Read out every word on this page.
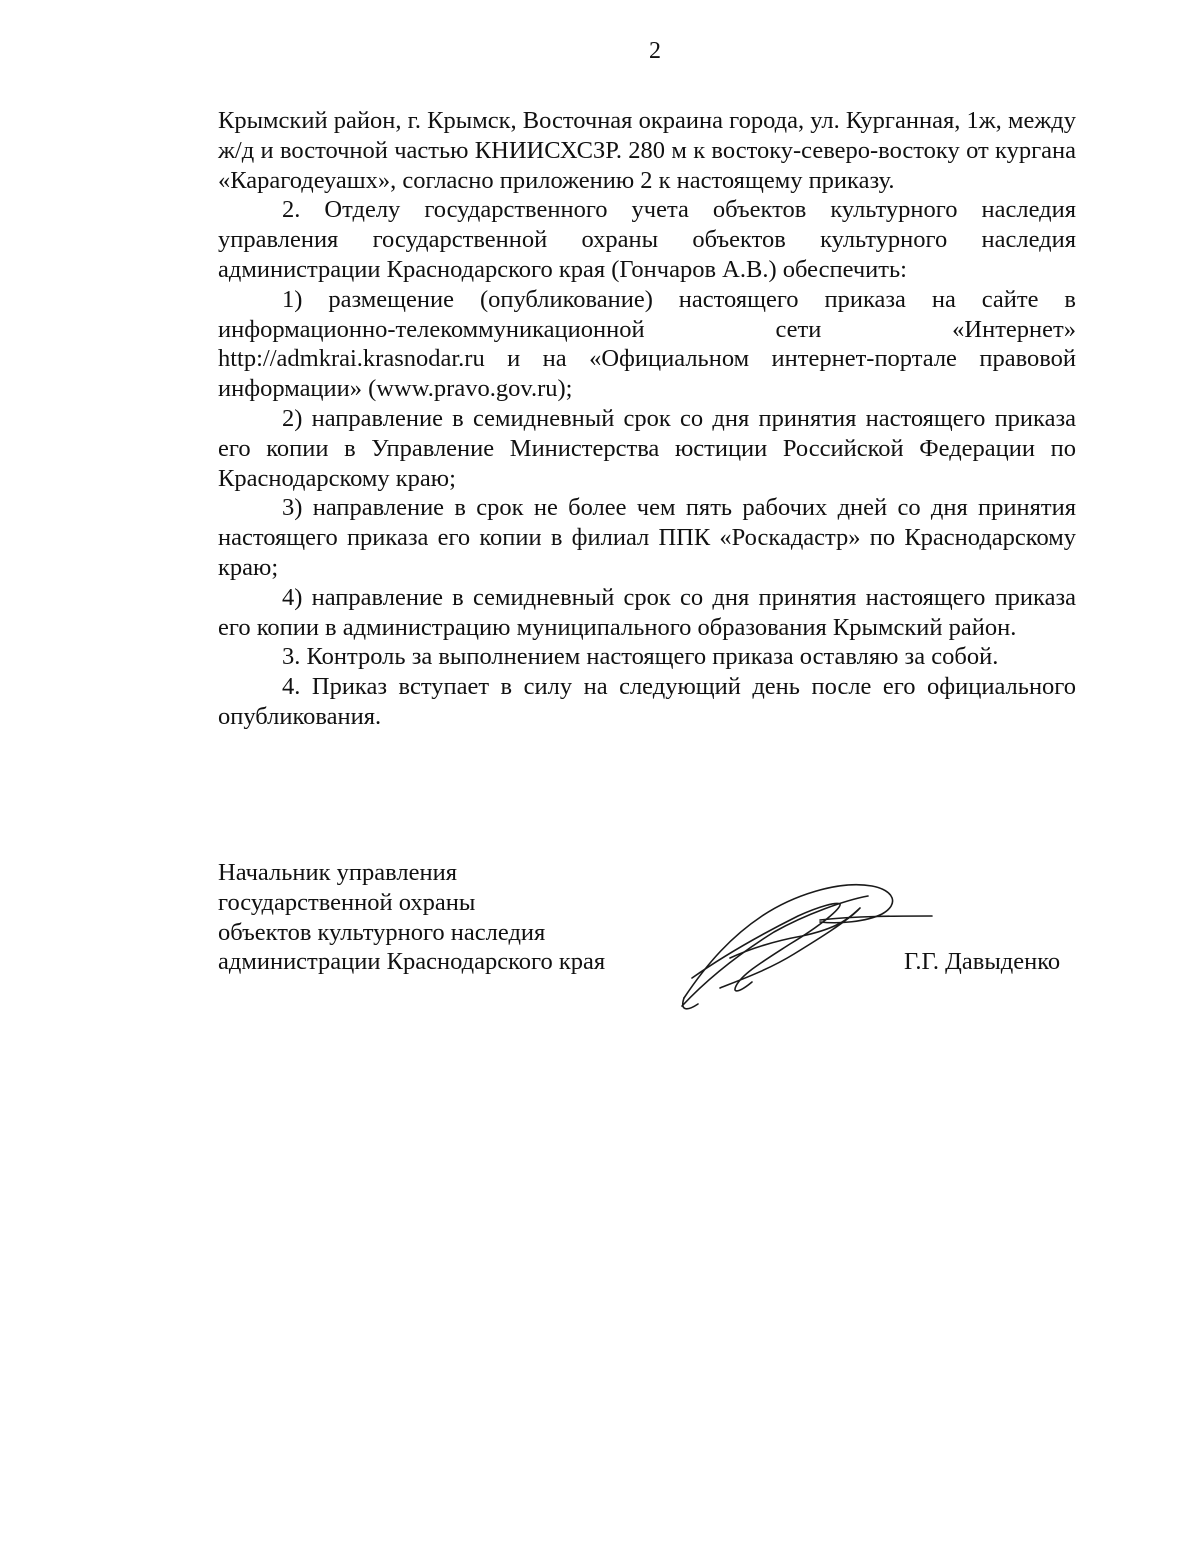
2

Крымский район, г. Крымск, Восточная окраина города, ул. Курганная, 1ж, между ж/д и восточной частью КНИИСХСЗР. 280 м к востоку-северо-востоку от кургана «Карагодеуашх», согласно приложению 2 к настоящему приказу.

2. Отделу государственного учета объектов культурного наследия управления государственной охраны объектов культурного наследия администрации Краснодарского края (Гончаров А.В.) обеспечить:

1) размещение (опубликование) настоящего приказа на сайте в информационно-телекоммуникационной сети «Интернет» http://admkrai.krasnodar.ru и на «Официальном интернет-портале правовой информации» (www.pravo.gov.ru);

2) направление в семидневный срок со дня принятия настоящего приказа его копии в Управление Министерства юстиции Российской Федерации по Краснодарскому краю;

3) направление в срок не более чем пять рабочих дней со дня принятия настоящего приказа его копии в филиал ППК «Роскадастр» по Краснодарскому краю;

4) направление в семидневный срок со дня принятия настоящего приказа его копии в администрацию муниципального образования Крымский район.

3. Контроль за выполнением настоящего приказа оставляю за собой.

4. Приказ вступает в силу на следующий день после его официального опубликования.

Начальник управления
государственной охраны
объектов культурного наследия
администрации Краснодарского края	Г.Г. Давыденко
